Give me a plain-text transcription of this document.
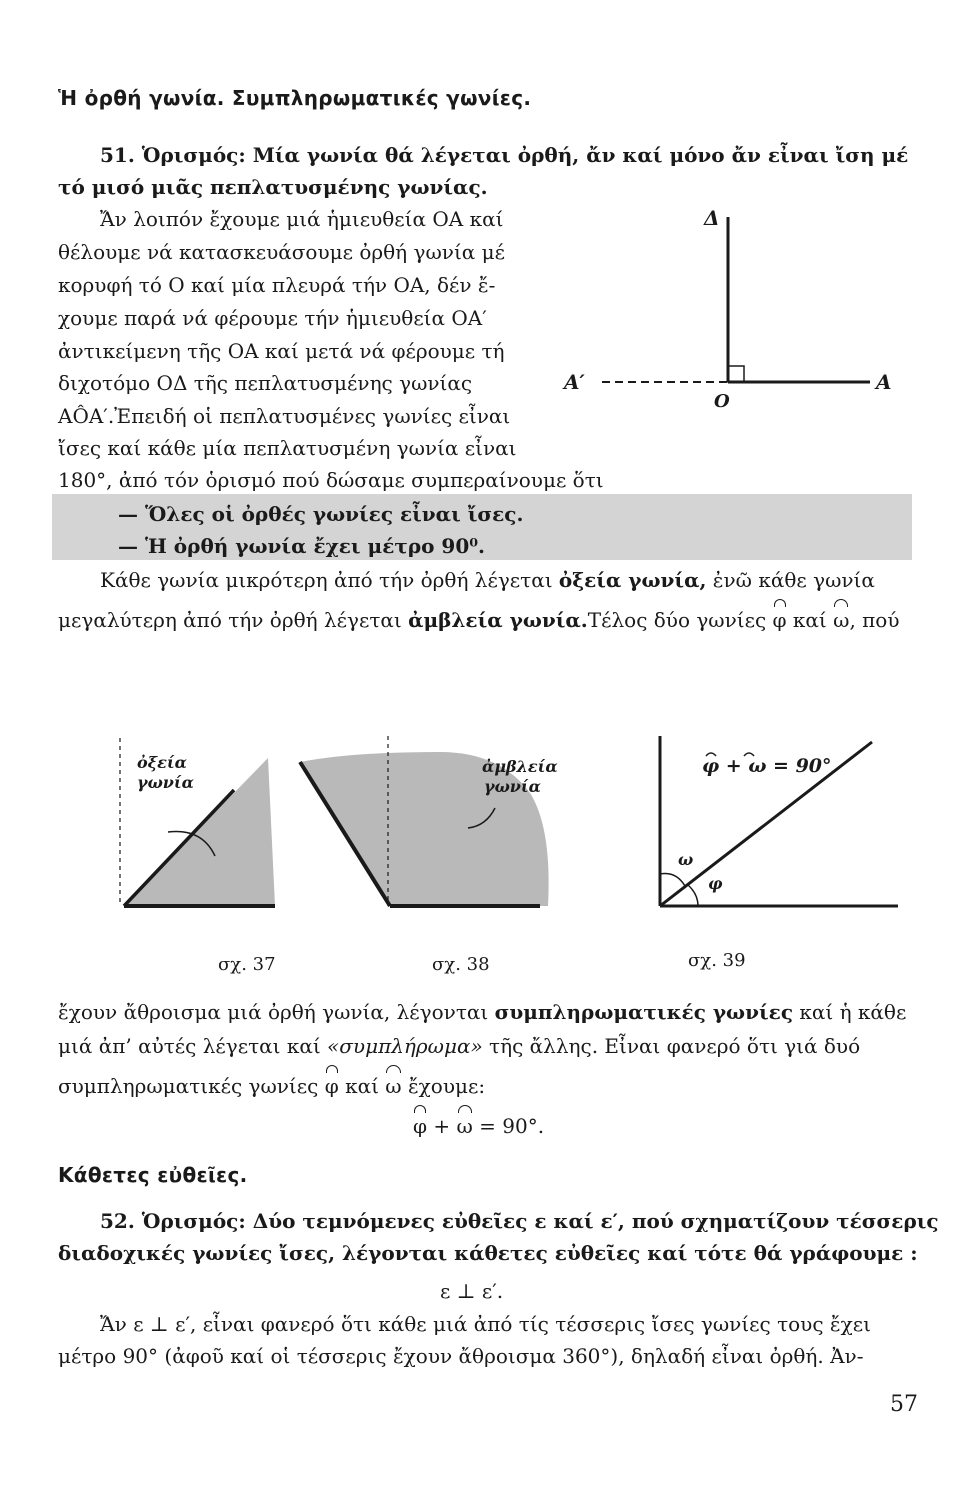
Ἡ ὀρθή γωνία. Συμπληρωματικές γωνίες.
51. Ὁρισμός: Μία γωνία θά λέγεται ὀρθή, ἄν καί μόνο ἄν εἶναι ἴση μέ
τό μισό μιᾶς πεπλατυσμένης γωνίας.
Ἄν λοιπόν ἔχουμε μιά ἡμιευθεία ΟΑ καί
θέλουμε νά κατασκευάσουμε ὀρθή γωνία μέ
κορυφή τό Ο καί μία πλευρά τήν ΟΑ, δέν ἔ-
χουμε παρά νά φέρουμε τήν ἡμιευθεία ΟΑ′
ἀντικείμενη τῆς ΟΑ καί μετά νά φέρουμε τή
διχοτόμο ΟΔ τῆς πεπλατυσμένης γωνίας
AÔA′.Ἐπειδή οἱ πεπλατυσμένες γωνίες εἶναι
ἴσες καί κάθε μία πεπλατυσμένη γωνία εἶναι
180°, ἀπό τόν ὁρισμό πού δώσαμε συμπεραίνουμε ὅτι
Δ
A′	A
O
— Ὅλες οἱ ὀρθές γωνίες εἶναι ἴσες.
— Ἡ ὀρθή γωνία ἔχει μέτρο 90⁰.
Κάθε γωνία μικρότερη ἀπό τήν ὀρθή λέγεται ὀξεία γωνία, ἐνῶ κάθε γωνία
μεγαλύτερη ἀπό τήν ὀρθή λέγεται ἀμβλεία γωνία.Τέλος δύο γωνίες φ καί ω, πού
ὀξεία
γωνία
σχ. 37
ἀμβλεία
γωνία
σχ. 38
ω
φ
φ + ω = 90°
σχ. 39
ἔχουν ἄθροισμα μιά ὀρθή γωνία, λέγονται συμπληρωματικές γωνίες καί ἡ κάθε
μιά ἀπ’ αὐτές λέγεται καί «συμπλήρωμα» τῆς ἄλλης. Εἶναι φανερό ὅτι γιά δυό
συμπληρωματικές γωνίες φ καί ω ἔχουμε:
φ + ω = 90°.
Κάθετες εὐθεῖες.
52. Ὁρισμός: Δύο τεμνόμενες εὐθεῖες ε καί ε′, πού σχηματίζουν τέσσερις
διαδοχικές γωνίες ἴσες, λέγονται κάθετες εὐθεῖες καί τότε θά γράφουμε :
ε ⊥ ε′.
Ἄν ε ⊥ ε′, εἶναι φανερό ὅτι κάθε μιά ἀπό τίς τέσσερις ἴσες γωνίες τους ἔχει
μέτρο 90° (ἀφοῦ καί οἱ τέσσερις ἔχουν ἄθροισμα 360°), δηλαδή εἶναι ὀρθή. Ἀν-
57
